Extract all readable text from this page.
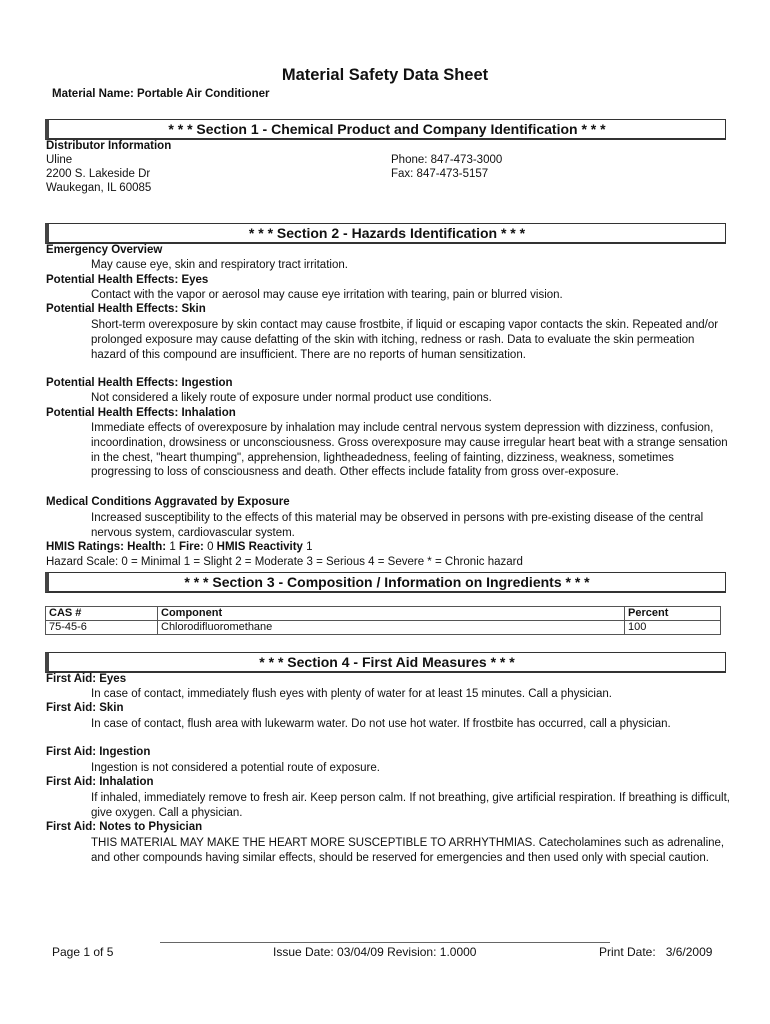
Material Safety Data Sheet
Material Name: Portable Air Conditioner
* * * Section 1 - Chemical Product and Company Identification * * *
Distributor Information
Uline
2200 S. Lakeside Dr
Waukegan, IL 60085
Phone: 847-473-3000
Fax: 847-473-5157
* * * Section 2 - Hazards Identification * * *
Emergency Overview
May cause eye, skin and respiratory tract irritation.
Potential Health Effects: Eyes
Contact with the vapor or aerosol may cause eye irritation with tearing, pain or blurred vision.
Potential Health Effects: Skin
Short-term overexposure by skin contact may cause frostbite, if liquid or escaping vapor contacts the skin. Repeated and/or prolonged exposure may cause defatting of the skin with itching, redness or rash. Data to evaluate the skin permeation hazard of this compound are insufficient. There are no reports of human sensitization.
Potential Health Effects: Ingestion
Not considered a likely route of exposure under normal product use conditions.
Potential Health Effects: Inhalation
Immediate effects of overexposure by inhalation may include central nervous system depression with dizziness, confusion, incoordination, drowsiness or unconsciousness. Gross overexposure may cause irregular heart beat with a strange sensation in the chest, "heart thumping", apprehension, lightheadedness, feeling of fainting, dizziness, weakness, sometimes progressing to loss of consciousness and death. Other effects include fatality from gross over-exposure.
Medical Conditions Aggravated by Exposure
Increased susceptibility to the effects of this material may be observed in persons with pre-existing disease of the central nervous system, cardiovascular system.
HMIS Ratings: Health: 1 Fire: 0 HMIS Reactivity 1
Hazard Scale: 0 = Minimal 1 = Slight 2 = Moderate 3 = Serious 4 = Severe * = Chronic hazard
* * * Section 3 - Composition / Information on Ingredients * * *
CAS #	Component	Percent
75-45-6	Chlorodifluoromethane	100
* * * Section 4 - First Aid Measures * * *
First Aid: Eyes
In case of contact, immediately flush eyes with plenty of water for at least 15 minutes. Call a physician.
First Aid: Skin
In case of contact, flush area with lukewarm water. Do not use hot water. If frostbite has occurred, call a physician.
First Aid: Ingestion
Ingestion is not considered a potential route of exposure.
First Aid: Inhalation
If inhaled, immediately remove to fresh air. Keep person calm. If not breathing, give artificial respiration. If breathing is difficult, give oxygen. Call a physician.
First Aid: Notes to Physician
THIS MATERIAL MAY MAKE THE HEART MORE SUSCEPTIBLE TO ARRHYTHMIAS. Catecholamines such as adrenaline, and other compounds having similar effects, should be reserved for emergencies and then used only with special caution.
Page 1 of 5	Issue Date: 03/04/09 Revision: 1.0000	Print Date: 3/6/2009
